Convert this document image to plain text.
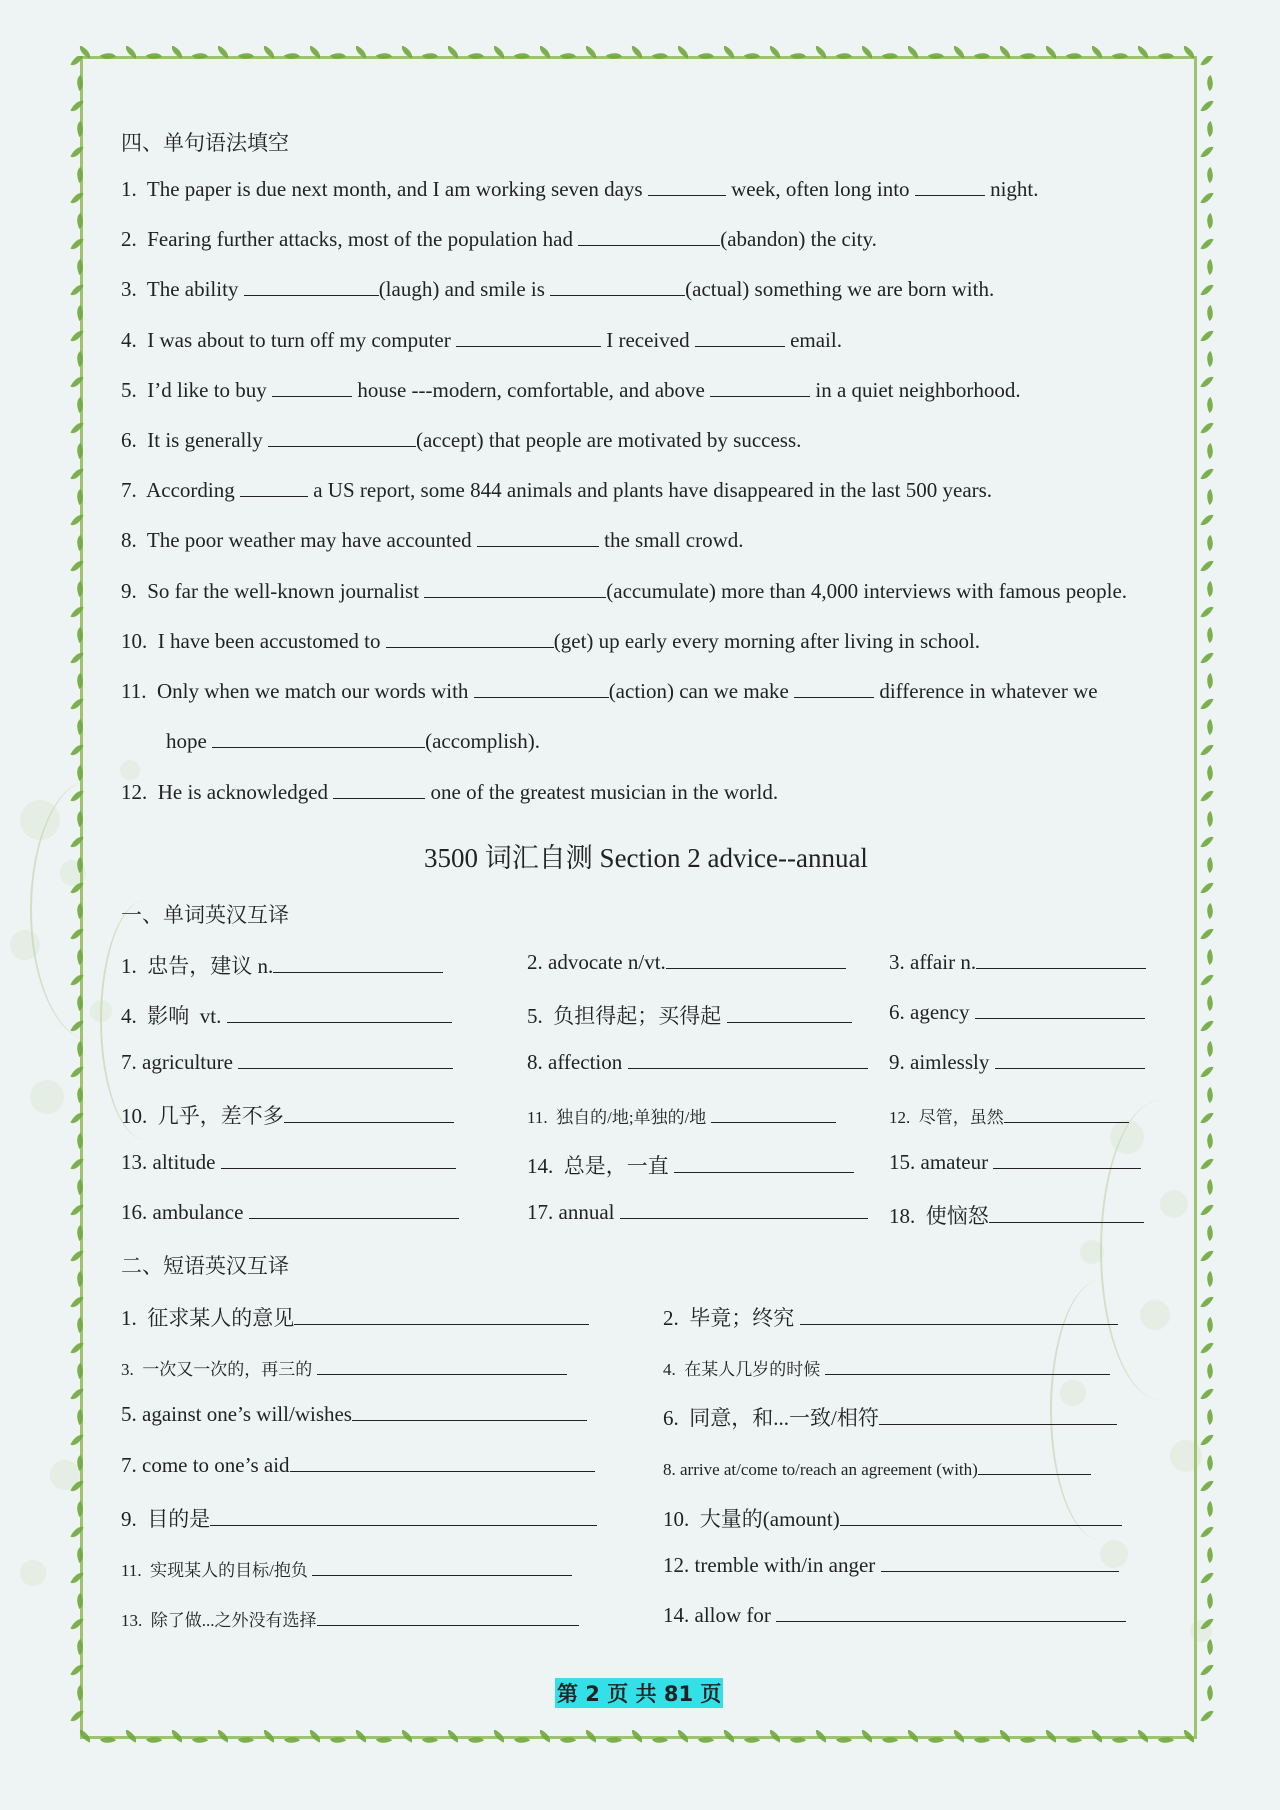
四、单句语法填空
1.  The paper is due next month, and I am working seven days	week, often long into	night.
2.  Fearing further attacks, most of the population had	(abandon) the city.
3.  The ability	(laugh) and smile is	(actual) something we are born with.
4.  I was about to turn off my computer	I received	email.
5.  I’d like to buy	house ---modern, comfortable, and above	in a quiet neighborhood.
6.  It is generally	(accept) that people are motivated by success.
7.  According	a US report, some 844 animals and plants have disappeared in the last 500 years.
8.  The poor weather may have accounted	the small crowd.
9.  So far the well-known journalist	(accumulate) more than 4,000 interviews with famous people.
10.  I have been accustomed to	(get) up early every morning after living in school.
11.  Only when we match our words with	(action) can we make	difference in whatever we
hope	(accomplish).
12.  He is acknowledged	one of the greatest musician in the world.
3500 词汇自测 Section 2 advice--annual
一、单词英汉互译
1.  忠告，建议 n.	2. advocate n/vt.	3. affair n.
4.  影响  vt.	5.  负担得起；买得起	6. agency
7. agriculture	8. affection	9. aimlessly
10.  几乎，差不多	11.  独自的/地;单独的/地	12.  尽管，虽然
13. altitude	14.  总是，一直	15. amateur
16. ambulance	17. annual	18.  使恼怒
二、短语英汉互译
1.  征求某人的意见	2.  毕竟；终究
3.  一次又一次的，再三的	4.  在某人几岁的时候
5. against one’s will/wishes	6.  同意，和...一致/相符
7. come to one’s aid	8. arrive at/come to/reach an agreement (with)
9.  目的是	10.  大量的(amount)
11.  实现某人的目标/抱负	12. tremble with/in anger
13.  除了做...之外没有选择	14. allow for
第 2 页 共 81 页
